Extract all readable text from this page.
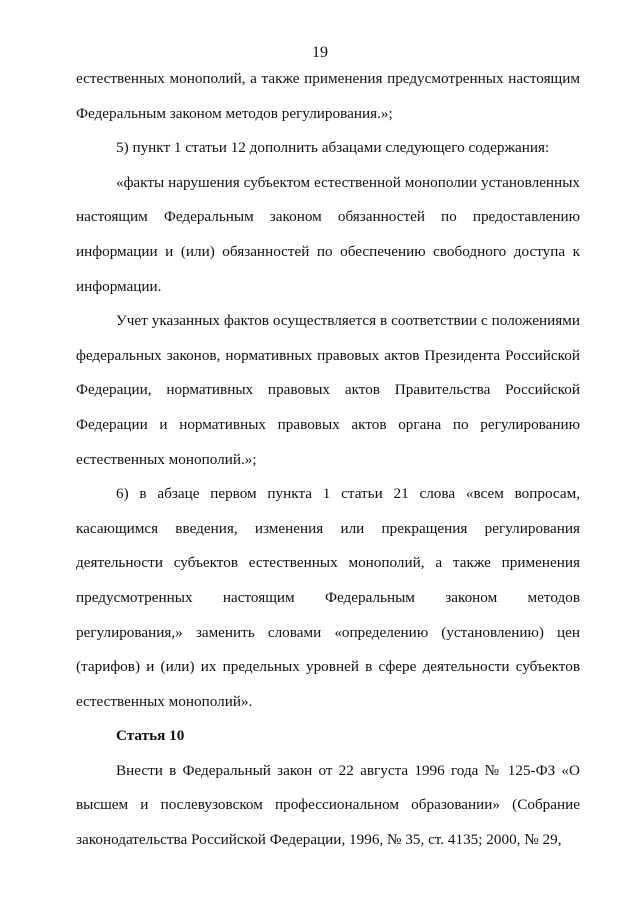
19

естественных монополий, а также применения предусмотренных настоящим Федеральным законом методов регулирования.»;

5) пункт 1 статьи 12 дополнить абзацами следующего содержания:

«факты нарушения субъектом естественной монополии установленных настоящим Федеральным законом обязанностей по предоставлению информации и (или) обязанностей по обеспечению свободного доступа к информации.

Учет указанных фактов осуществляется в соответствии с положениями федеральных законов, нормативных правовых актов Президента Российской Федерации, нормативных правовых актов Правительства Российской Федерации и нормативных правовых актов органа по регулированию естественных монополий.»;

6) в абзаце первом пункта 1 статьи 21 слова «всем вопросам, касающимся введения, изменения или прекращения регулирования деятельности субъектов естественных монополий, а также применения предусмотренных настоящим Федеральным законом методов регулирования,» заменить словами «определению (установлению) цен (тарифов) и (или) их предельных уровней в сфере деятельности субъектов естественных монополий».

Статья 10

Внести в Федеральный закон от 22 августа 1996 года № 125-ФЗ «О высшем и послевузовском профессиональном образовании» (Собрание законодательства Российской Федерации, 1996, № 35, ст. 4135; 2000, № 29,
